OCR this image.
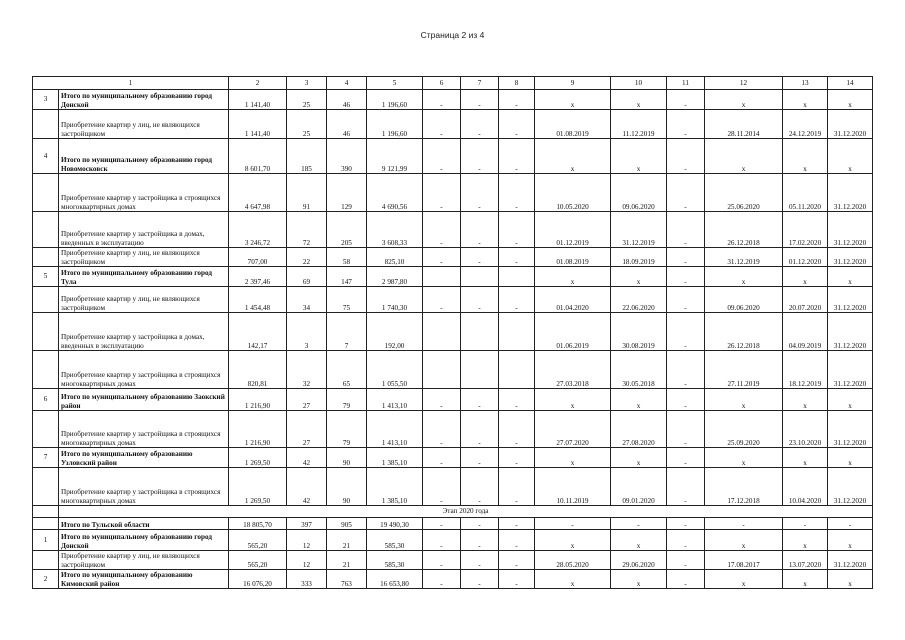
Страница 2 из 4
1		2	3	4	5	6	7	8	9	10	11	12	13	14
3	Итого по муниципальному образованию город Донской	1 141,40	25	46	1 196,60	-	-	-	x	x	-	x	x	x
	Приобретение квартир у лиц, не являющихся застройщиком	1 141,40	25	46	1 196,60	-	-	-	01.08.2019	11.12.2019	-	28.11.2014	24.12.2019	31.12.2020
4	Итого по муниципальному образованию город Новомосковск	8 601,70	185	390	9 121,99	-	-	-	x	x	-	x	x	x
	Приобретение квартир у застройщика в строящихся многоквартирных домах	4 647,98	91	129	4 690,56	-	-	-	10.05.2020	09.06.2020	-	25.06.2020	05.11.2020	31.12.2020
	Приобретение квартир у застройщика в домах, введенных в эксплуатацию	3 246,72	72	205	3 608,33	-	-	-	01.12.2019	31.12.2019	-	26.12.2018	17.02.2020	31.12.2020
	Приобретение квартир у лиц, не являющихся застройщиком	707,00	22	58	825,10	-	-	-	01.08.2019	18.09.2019	-	31.12.2019	01.12.2020	31.12.2020
5	Итого по муниципальному образованию город Тула	2 397,46	69	147	2 987,80				x	x	-	x	x	x
	Приобретение квартир у лиц, не являющихся застройщиком	1 454,48	34	75	1 740,30	-	-	-	01.04.2020	22.06.2020	-	09.06.2020	20.07.2020	31.12.2020
	Приобретение квартир у застройщика в домах, введенных в эксплуатацию	142,17	3	7	192,00				01.06.2019	30.08.2019	-	26.12.2018	04.09.2019	31.12.2020
	Приобретение квартир у застройщика в строящихся многоквартирных домах	820,81	32	65	1 055,50				27.03.2018	30.05.2018	-	27.11.2019	18.12.2019	31.12.2020
6	Итого по муниципальному образованию Заокский район	1 216,90	27	79	1 413,10	-	-	-	x	x	-	x	x	x
	Приобретение квартир у застройщика в строящихся многоквартирных домах	1 216,90	27	79	1 413,10	-	-	-	27.07.2020	27.08.2020	-	25.09.2020	23.10.2020	31.12.2020
7	Итого по муниципальному образованию Узловский район	1 269,50	42	90	1 385,10	-	-	-	x	x	-	x	x	x
	Приобретение квартир у застройщика в строящихся многоквартирных домах	1 269,50	42	90	1 385,10	-	-	-	10.11.2019	09.01.2020	-	17.12.2018	10.04.2020	31.12.2020
	Этап 2020 года													
	Итого по Тульской области	18 805,70	397	905	19 490,30	-	-	-	-	-	-	-	-	-
1	Итого по муниципальному образованию город Донской	565,20	12	21	585,30	-	-	-	x	x	-	x	x	x
	Приобретение квартир у лиц, не являющихся застройщиком	565,20	12	21	585,30	-	-	-	28.05.2020	29.06.2020	-	17.08.2017	13.07.2020	31.12.2020
2	Итого по муниципальному образованию Кимовский район	16 076,20	333	763	16 653,80	-	-	-	x	x	-	x	x	x
